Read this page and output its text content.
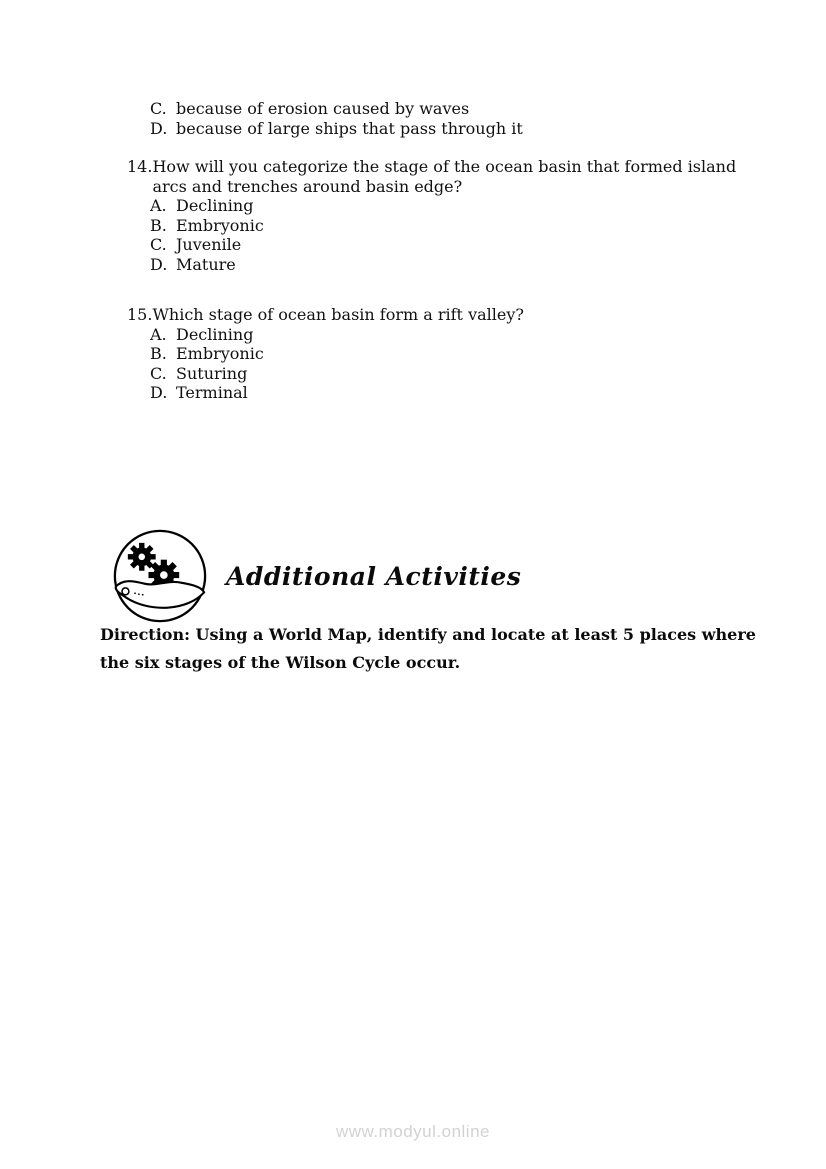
C. because of erosion caused by waves
D. because of large ships that pass through it
14. How will you categorize the stage of the ocean basin that formed island arcs and trenches around basin edge?
A. Declining
B. Embryonic
C. Juvenile
D. Mature
15. Which stage of ocean basin form a rift valley?
A. Declining
B. Embryonic
C. Suturing
D. Terminal
Additional Activities
Direction: Using a World Map, identify and locate at least 5 places where the six stages of the Wilson Cycle occur.
www.modyul.online
